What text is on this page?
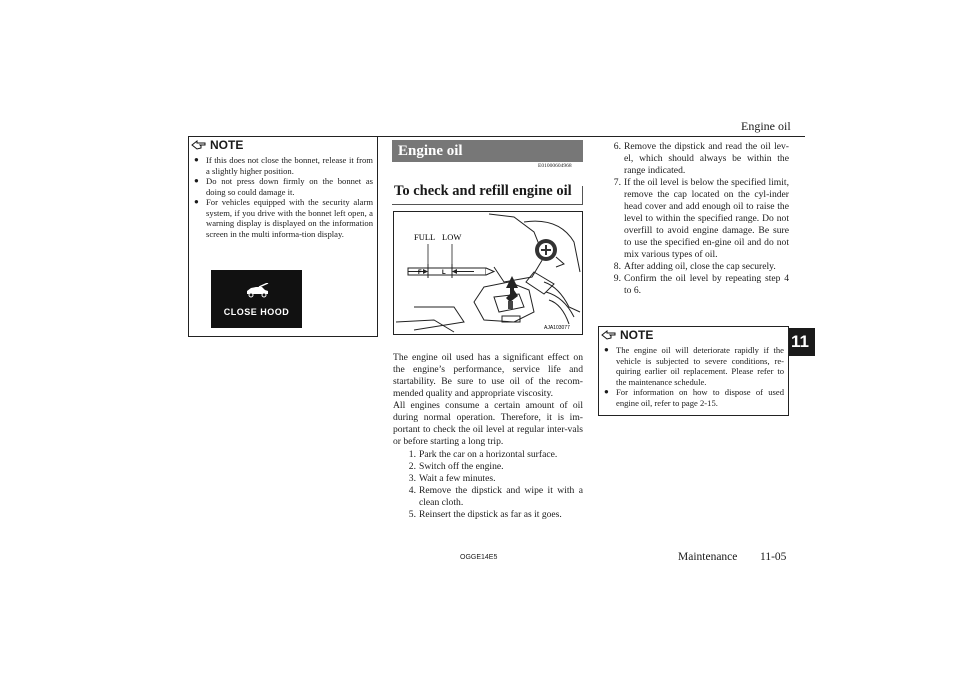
Engine oil
11
NOTE
● If this does not close the bonnet, release it from a slightly higher position.
● Do not press down firmly on the bonnet as doing so could damage it.
● For vehicles equipped with the security alarm system, if you drive with the bonnet left open, a warning display is displayed on the information screen in the multi informa-tion display.
CLOSE HOOD
Engine oil
E01000604968
To check and refill engine oil
F	L
FULL LOW
AJA103077
The engine oil used has a significant effect on the engine’s performance, service life and startability. Be sure to use oil of the recom-mended quality and appropriate viscosity.
All engines consume a certain amount of oil during normal operation. Therefore, it is im-portant to check the oil level at regular inter-vals or before starting a long trip.
1. Park the car on a horizontal surface.
2. Switch off the engine.
3. Wait a few minutes.
4. Remove the dipstick and wipe it with a clean cloth.
5. Reinsert the dipstick as far as it goes.
6. Remove the dipstick and read the oil lev-el, which should always be within the range indicated.
7. If the oil level is below the specified limit, remove the cap located on the cyl-inder head cover and add enough oil to raise the level to within the specified range. Do not overfill to avoid engine damage. Be sure to use the specified en-gine oil and do not mix various types of oil.
8. After adding oil, close the cap securely.
9. Confirm the oil level by repeating step 4 to 6.
NOTE
● The engine oil will deteriorate rapidly if the vehicle is subjected to severe conditions, re-quiring earlier oil replacement. Please refer to the maintenance schedule.
● For information on how to dispose of used engine oil, refer to page 2-15.
OGGE14E5	Maintenance 11-05
